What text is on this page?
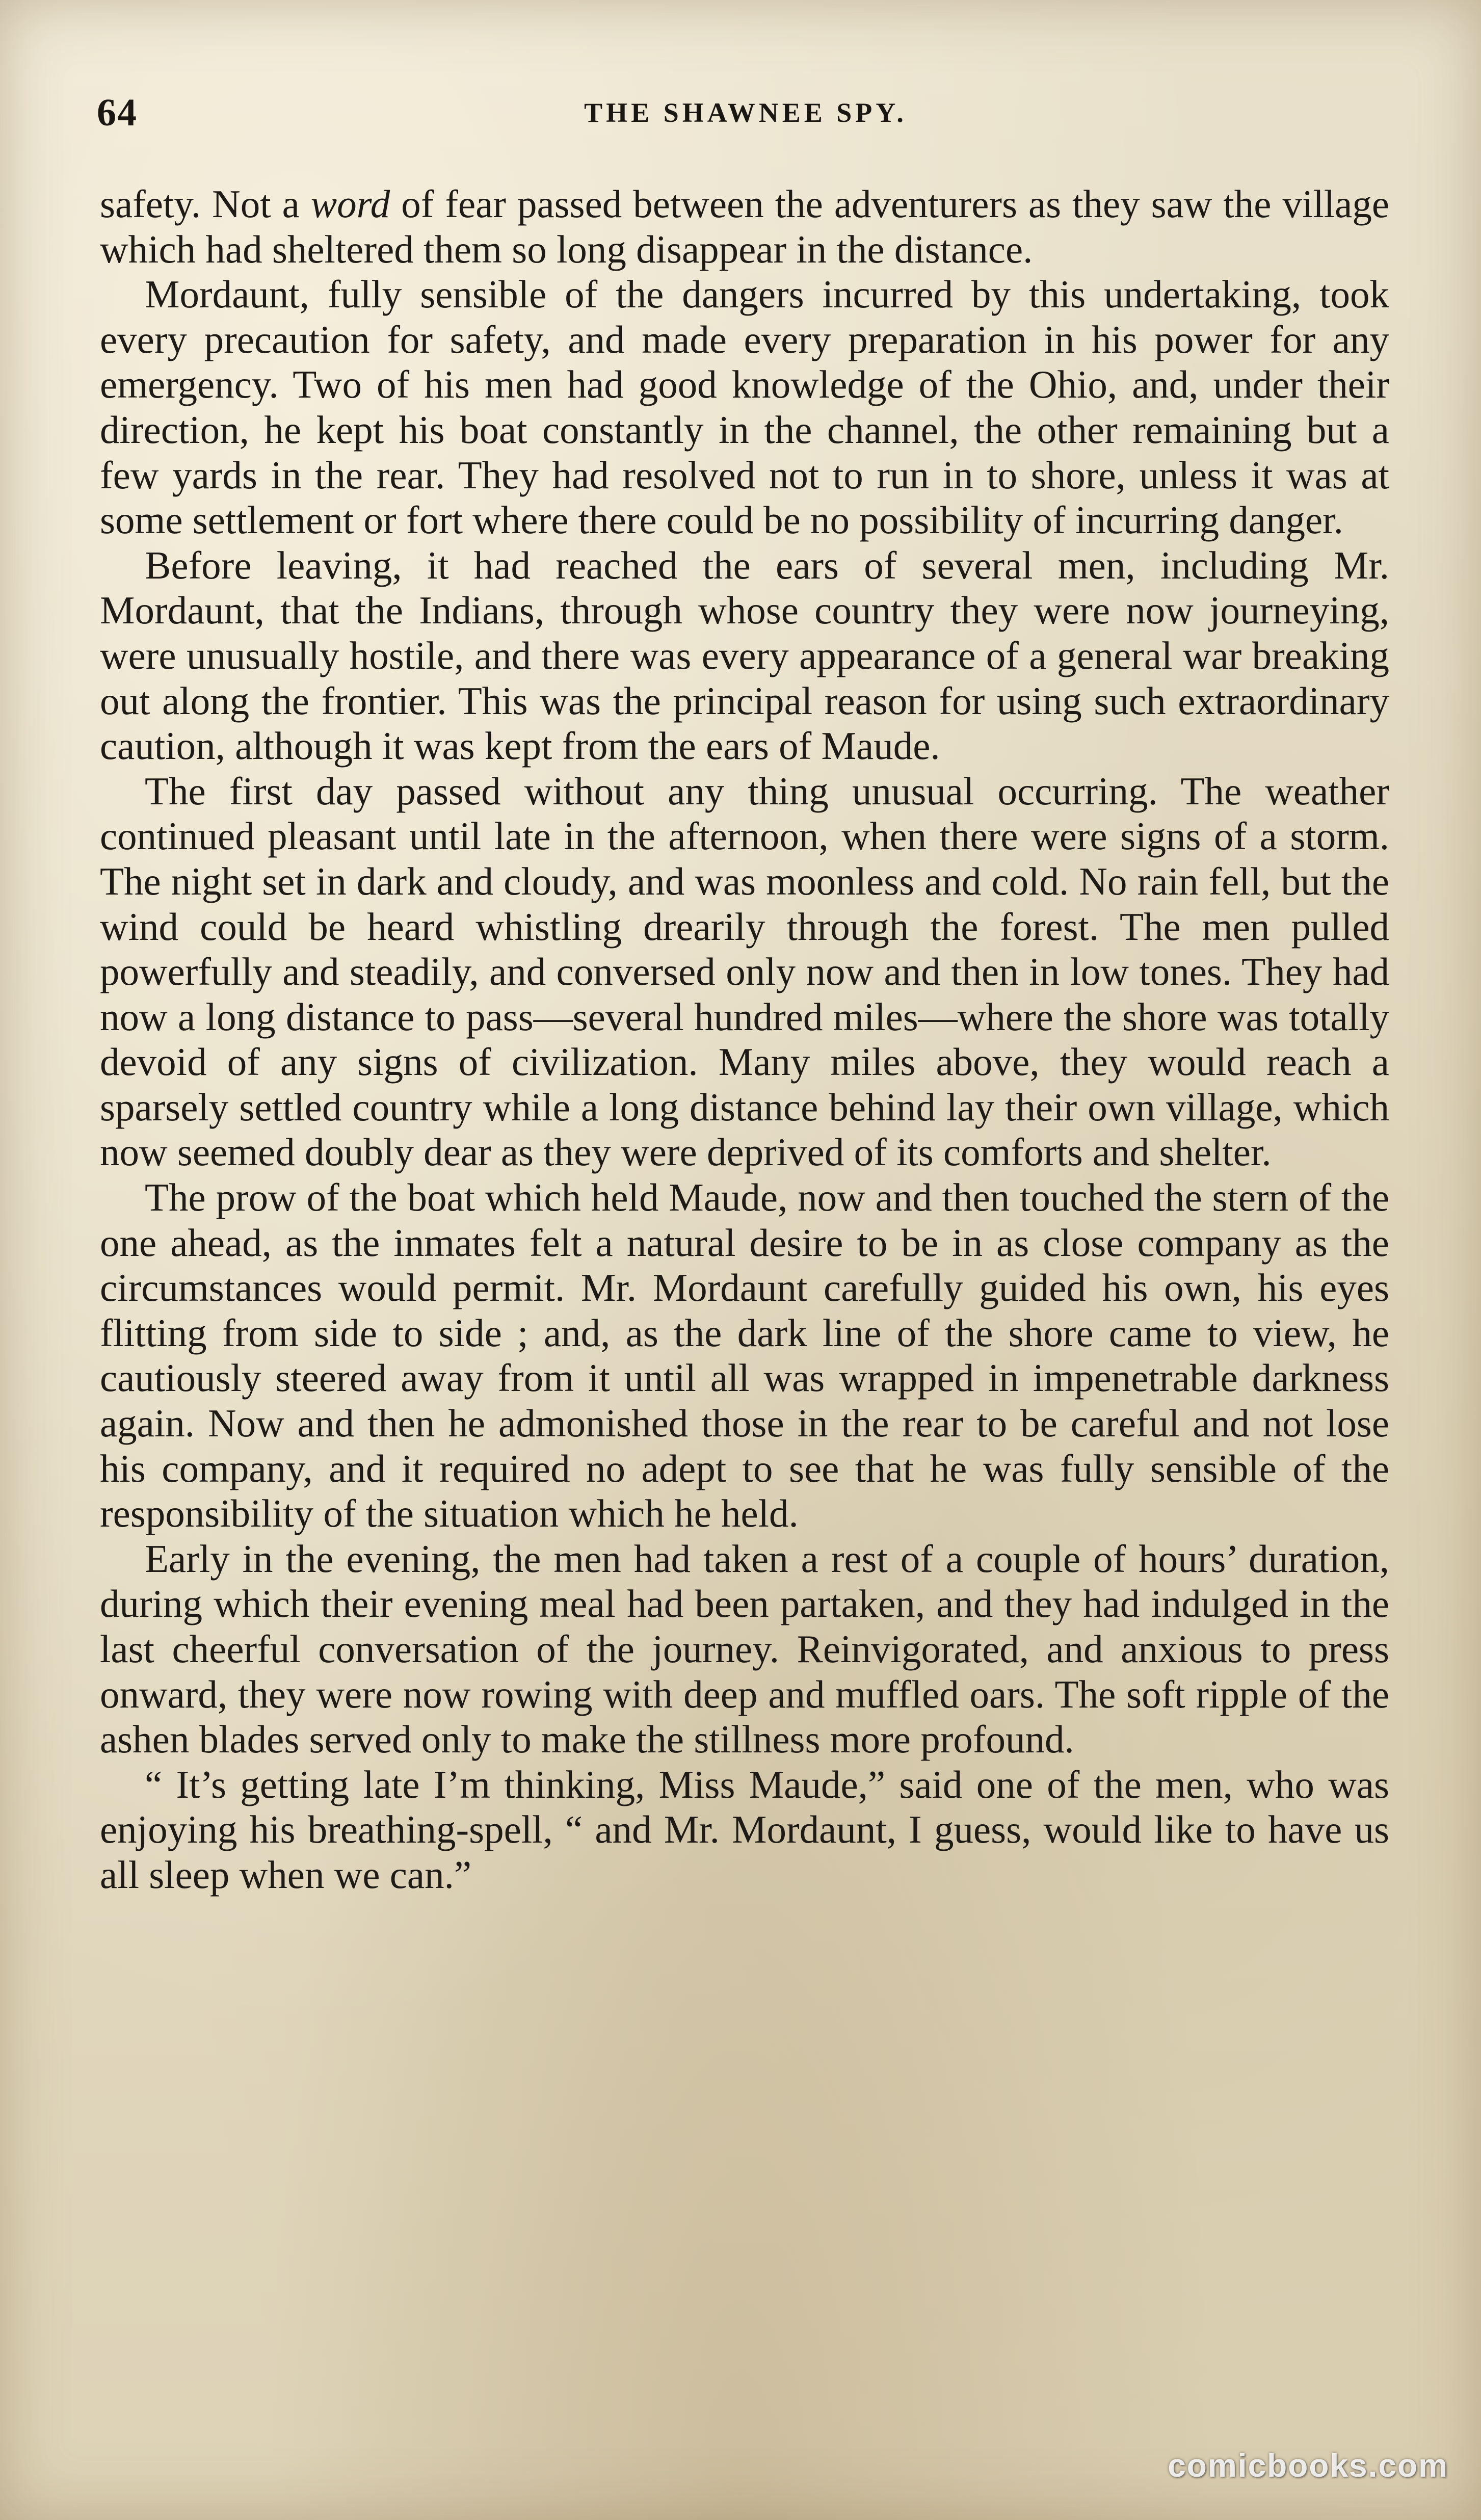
64	THE SHAWNEE SPY.

safety. Not a word of fear passed between the adventurers as they saw the village which had sheltered them so long disappear in the distance.

Mordaunt, fully sensible of the dangers incurred by this undertaking, took every precaution for safety, and made every preparation in his power for any emergency. Two of his men had good knowledge of the Ohio, and, under their direction, he kept his boat constantly in the channel, the other remaining but a few yards in the rear. They had resolved not to run in to shore, unless it was at some settlement or fort where there could be no possibility of incurring danger.

Before leaving, it had reached the ears of several men, including Mr. Mordaunt, that the Indians, through whose country they were now journeying, were unusually hostile, and there was every appearance of a general war breaking out along the frontier. This was the principal reason for using such extraordinary caution, although it was kept from the ears of Maude.

The first day passed without any thing unusual occurring. The weather continued pleasant until late in the afternoon, when there were signs of a storm. The night set in dark and cloudy, and was moonless and cold. No rain fell, but the wind could be heard whistling drearily through the forest. The men pulled powerfully and steadily, and conversed only now and then in low tones. They had now a long distance to pass—several hundred miles—where the shore was totally devoid of any signs of civilization. Many miles above, they would reach a sparsely settled country while a long distance behind lay their own village, which now seemed doubly dear as they were deprived of its comforts and shelter.

The prow of the boat which held Maude, now and then touched the stern of the one ahead, as the inmates felt a natural desire to be in as close company as the circumstances would permit. Mr. Mordaunt carefully guided his own, his eyes flitting from side to side ; and, as the dark line of the shore came to view, he cautiously steered away from it until all was wrapped in impenetrable darkness again. Now and then he admonished those in the rear to be careful and not lose his company, and it required no adept to see that he was fully sensible of the responsibility of the situation which he held.

Early in the evening, the men had taken a rest of a couple of hours’ duration, during which their evening meal had been partaken, and they had indulged in the last cheerful conversation of the journey. Reinvigorated, and anxious to press onward, they were now rowing with deep and muffled oars. The soft ripple of the ashen blades served only to make the stillness more profound.

“ It’s getting late I’m thinking, Miss Maude,” said one of the men, who was enjoying his breathing-spell, “ and Mr. Mordaunt, I guess, would like to have us all sleep when we can.”

comicbooks.com
